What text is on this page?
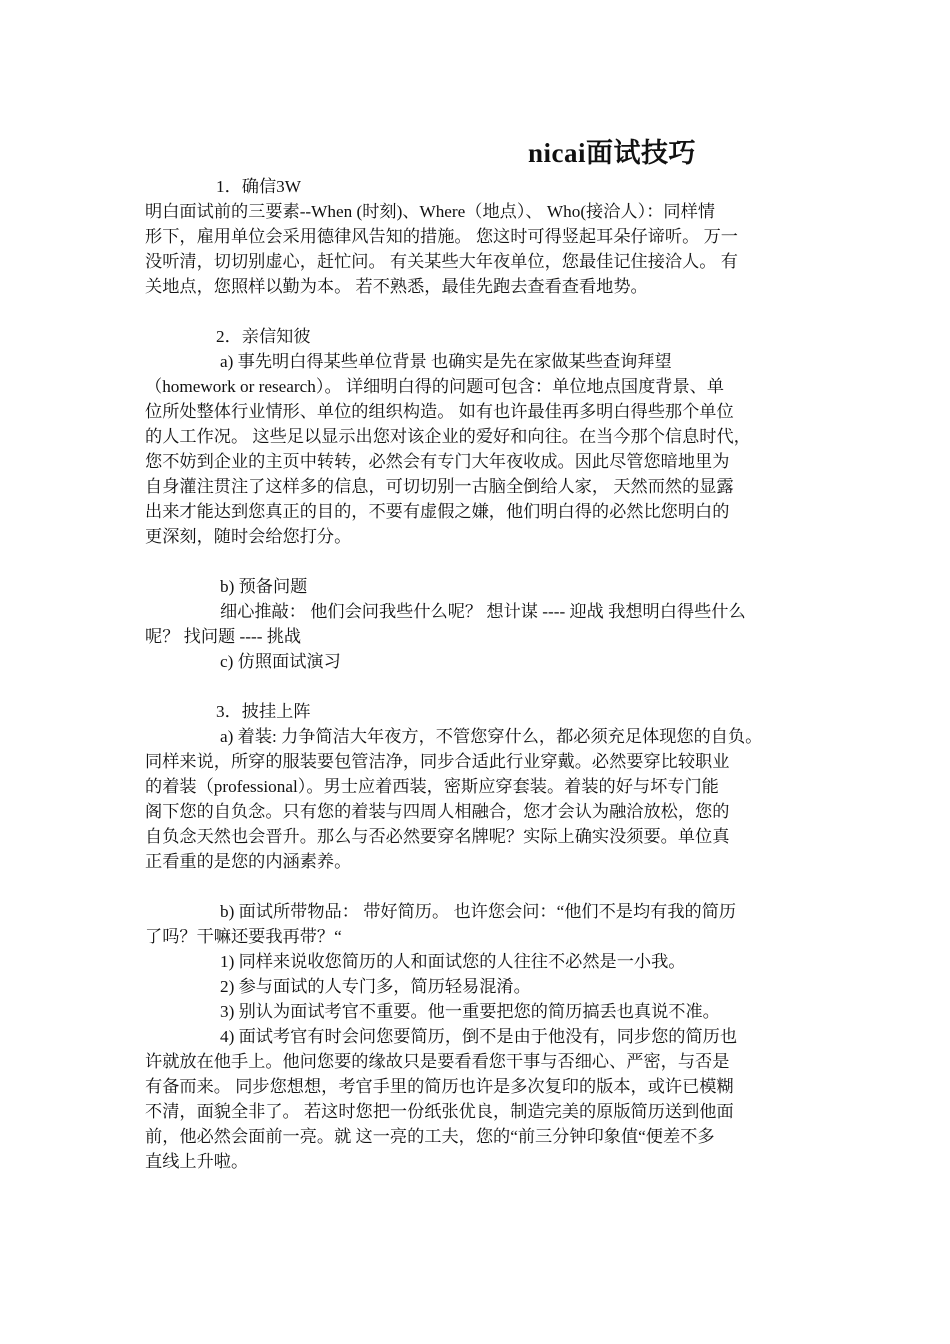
nicai面试技巧
1．确信3W
明白面试前的三要素--When (时刻)、Where（地点）、 Who(接洽人）：同样情
形下，雇用单位会采用德律风告知的措施。 您这时可得竖起耳朵仔谛听。 万一
没听清，切切别虚心，赶忙问。 有关某些大年夜单位，您最佳记住接洽人。 有
关地点，您照样以勤为本。 若不熟悉，最佳先跑去查看查看地势。
2．亲信知彼
a) 事先明白得某些单位背景 也确实是先在家做某些查询拜望
（homework or research）。 详细明白得的问题可包含：单位地点国度背景、单
位所处整体行业情形、单位的组织构造。 如有也许最佳再多明白得些那个单位
的人工作况。 这些足以显示出您对该企业的爱好和向往。在当今那个信息时代，
您不妨到企业的主页中转转，必然会有专门大年夜收成。因此尽管您暗地里为
自身灌注贯注了这样多的信息，可切切别一古脑全倒给人家， 天然而然的显露
出来才能达到您真正的目的，不要有虚假之嫌，他们明白得的必然比您明白的
更深刻，随时会给您打分。
b) 预备问题
细心推敲： 他们会问我些什么呢？ 想计谋 ---- 迎战 我想明白得些什么
呢？ 找问题 ---- 挑战
c) 仿照面试演习
3．披挂上阵
a) 着装: 力争简洁大年夜方，不管您穿什么，都必须充足体现您的自负。
同样来说，所穿的服装要包管洁净，同步合适此行业穿戴。必然要穿比较职业
的着装（professional）。男士应着西装，密斯应穿套装。着装的好与坏专门能
阁下您的自负念。只有您的着装与四周人相融合，您才会认为融洽放松，您的
自负念天然也会晋升。那么与否必然要穿名牌呢？实际上确实没须要。单位真
正看重的是您的内涵素养。
b) 面试所带物品： 带好简历。 也许您会问：“他们不是均有我的简历
了吗？干嘛还要我再带？“
1) 同样来说收您简历的人和面试您的人往往不必然是一小我。
2) 参与面试的人专门多，简历轻易混淆。
3) 别认为面试考官不重要。他一重要把您的简历搞丢也真说不准。
4) 面试考官有时会问您要简历，倒不是由于他没有，同步您的简历也
许就放在他手上。他问您要的缘故只是要看看您干事与否细心、严密，与否是
有备而来。 同步您想想，考官手里的简历也许是多次复印的版本，或许已模糊
不清，面貌全非了。 若这时您把一份纸张优良，制造完美的原版简历送到他面
前，他必然会面前一亮。就 这一亮的工夫，您的“前三分钟印象值“便差不多
直线上升啦。
